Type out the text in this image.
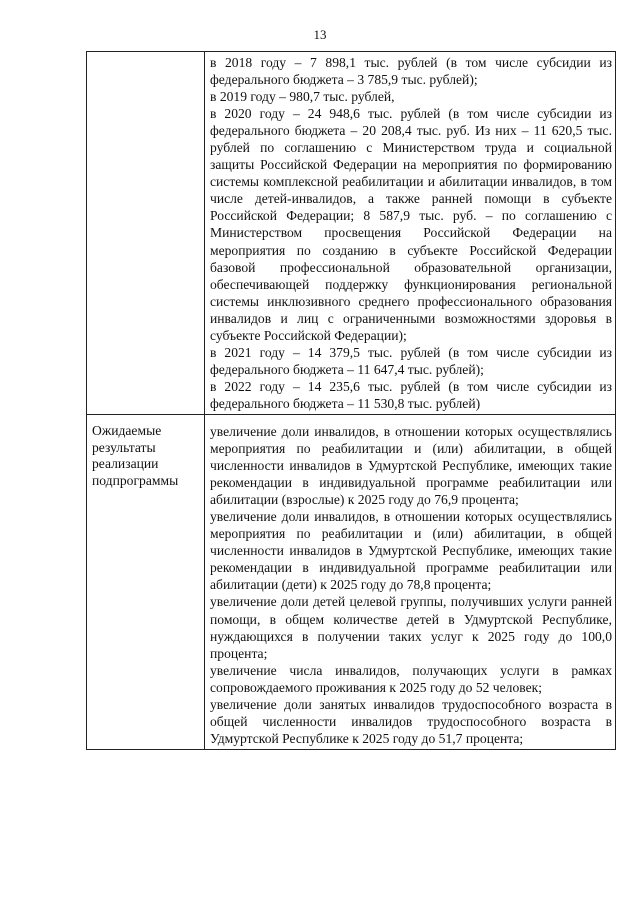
13

	в 2018 году – 7 898,1 тыс. рублей (в том числе субсидии из федерального бюджета – 3 785,9 тыс. рублей);

в 2019 году – 980,7 тыс. рублей,

в 2020 году – 24 948,6 тыс. рублей (в том числе субсидии из федерального бюджета – 20 208,4 тыс. руб. Из них – 11 620,5 тыс. рублей по соглашению с Министерством труда и социальной защиты Российской Федерации на мероприятия по формированию системы комплексной реабилитации и абилитации инвалидов, в том числе детей-инвалидов, а также ранней помощи в субъекте Российской Федерации; 8 587,9 тыс. руб. – по соглашению с Министерством просвещения Российской Федерации на мероприятия по созданию в субъекте Российской Федерации базовой профессиональной образовательной организации, обеспечивающей поддержку функционирования региональной системы инклюзивного среднего профессионального образования инвалидов и лиц с ограниченными возможностями здоровья в субъекте Российской Федерации);

в 2021 году – 14 379,5 тыс. рублей (в том числе субсидии из федерального бюджета – 11 647,4 тыс. рублей);

в 2022 году – 14 235,6 тыс. рублей (в том числе субсидии из федерального бюджета – 11 530,8 тыс. рублей)

Ожидаемые результаты реализации подпрограммы	увеличение доли инвалидов, в отношении которых осуществлялись мероприятия по реабилитации и (или) абилитации, в общей численности инвалидов в Удмуртской Республике, имеющих такие рекомендации в индивидуальной программе реабилитации или абилитации (взрослые) к 2025 году до 76,9 процента;

увеличение доли инвалидов, в отношении которых осуществлялись мероприятия по реабилитации и (или) абилитации, в общей численности инвалидов в Удмуртской Республике, имеющих такие рекомендации в индивидуальной программе реабилитации или абилитации (дети) к 2025 году до 78,8 процента;

увеличение доли детей целевой группы, получивших услуги ранней помощи, в общем количестве детей в Удмуртской Республике, нуждающихся в получении таких услуг к 2025 году до 100,0 процента;

увеличение числа инвалидов, получающих услуги в рамках сопровождаемого проживания к 2025 году до 52 человек;

увеличение доли занятых инвалидов трудоспособного возраста в общей численности инвалидов трудоспособного возраста в Удмуртской Республике к 2025 году до 51,7 процента;
